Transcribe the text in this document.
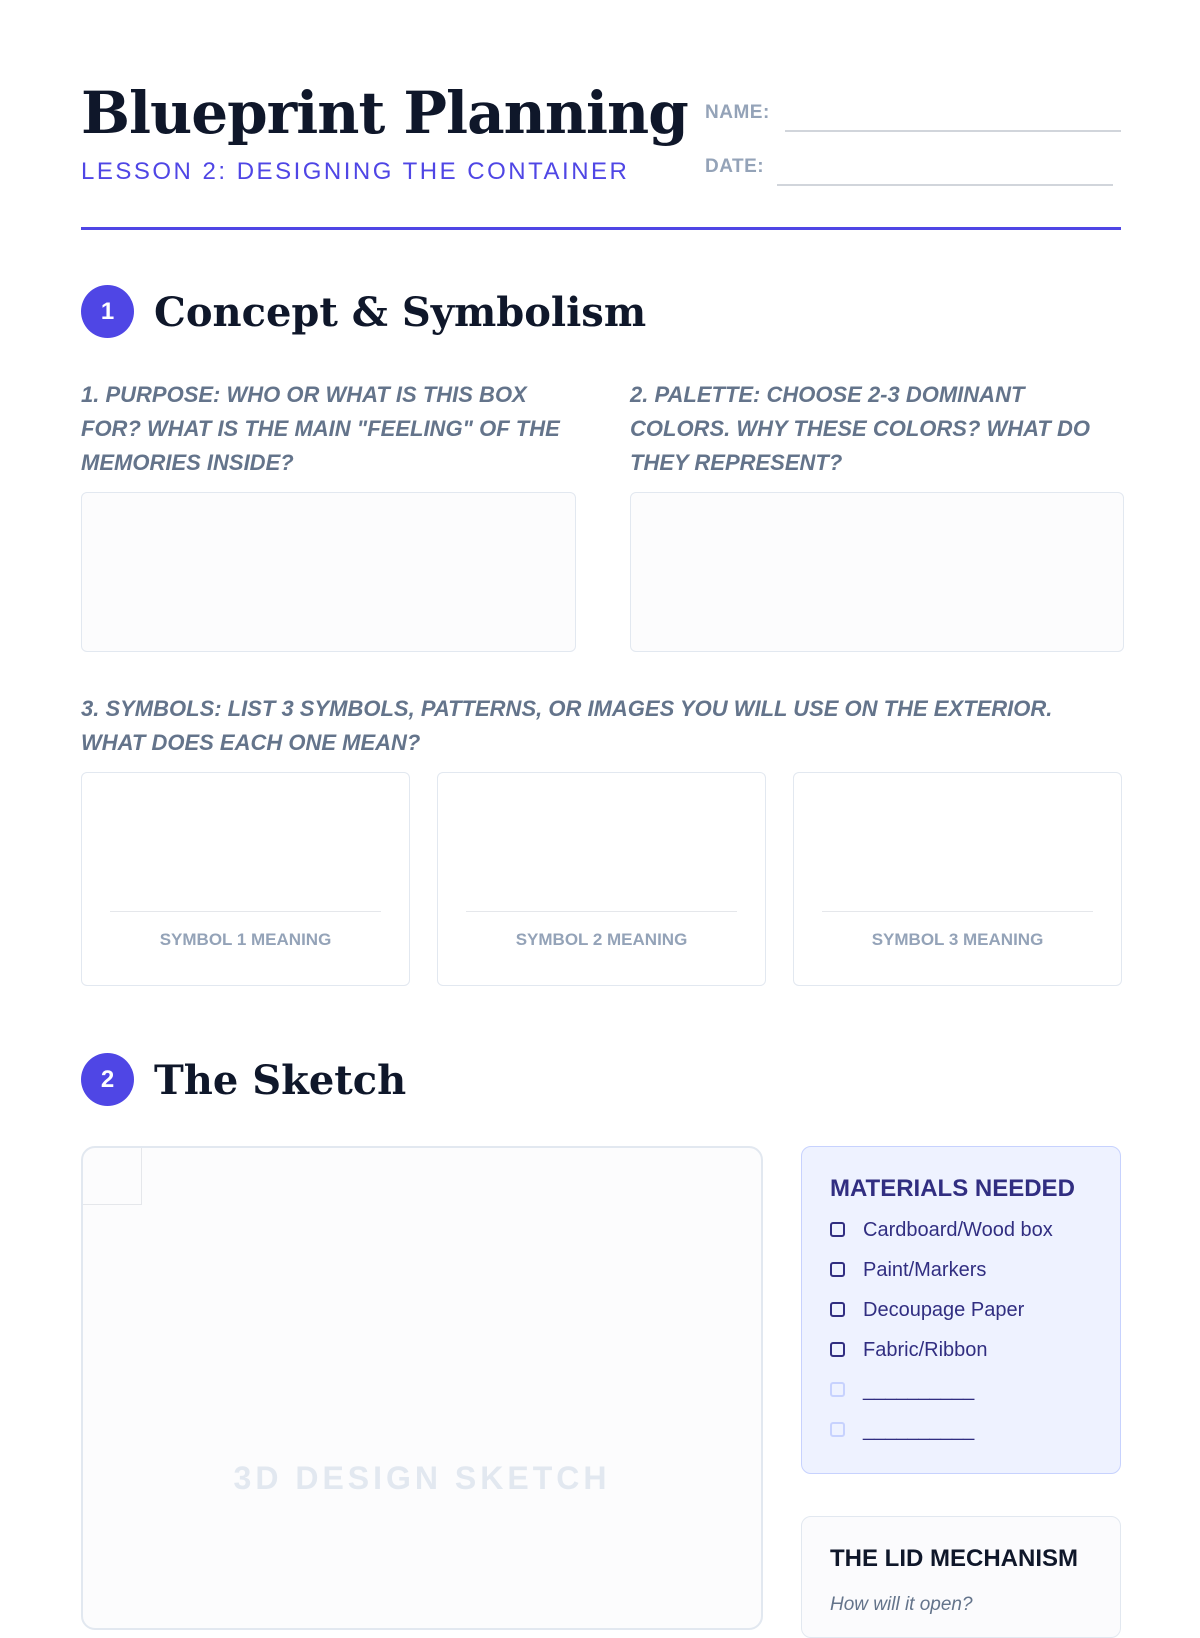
Blueprint Planning
LESSON 2: DESIGNING THE CONTAINER
NAME:
DATE:
1 Concept & Symbolism
1. PURPOSE: WHO OR WHAT IS THIS BOX FOR? WHAT IS THE MAIN "FEELING" OF THE MEMORIES INSIDE?
2. PALETTE: CHOOSE 2-3 DOMINANT COLORS. WHY THESE COLORS? WHAT DO THEY REPRESENT?
3. SYMBOLS: LIST 3 SYMBOLS, PATTERNS, OR IMAGES YOU WILL USE ON THE EXTERIOR. WHAT DOES EACH ONE MEAN?
SYMBOL 1 MEANING	SYMBOL 2 MEANING	SYMBOL 3 MEANING
2 The Sketch
3D DESIGN SKETCH
MATERIALS NEEDED
Cardboard/Wood box
Paint/Markers
Decoupage Paper
Fabric/Ribbon
__________
__________
THE LID MECHANISM
How will it open?
